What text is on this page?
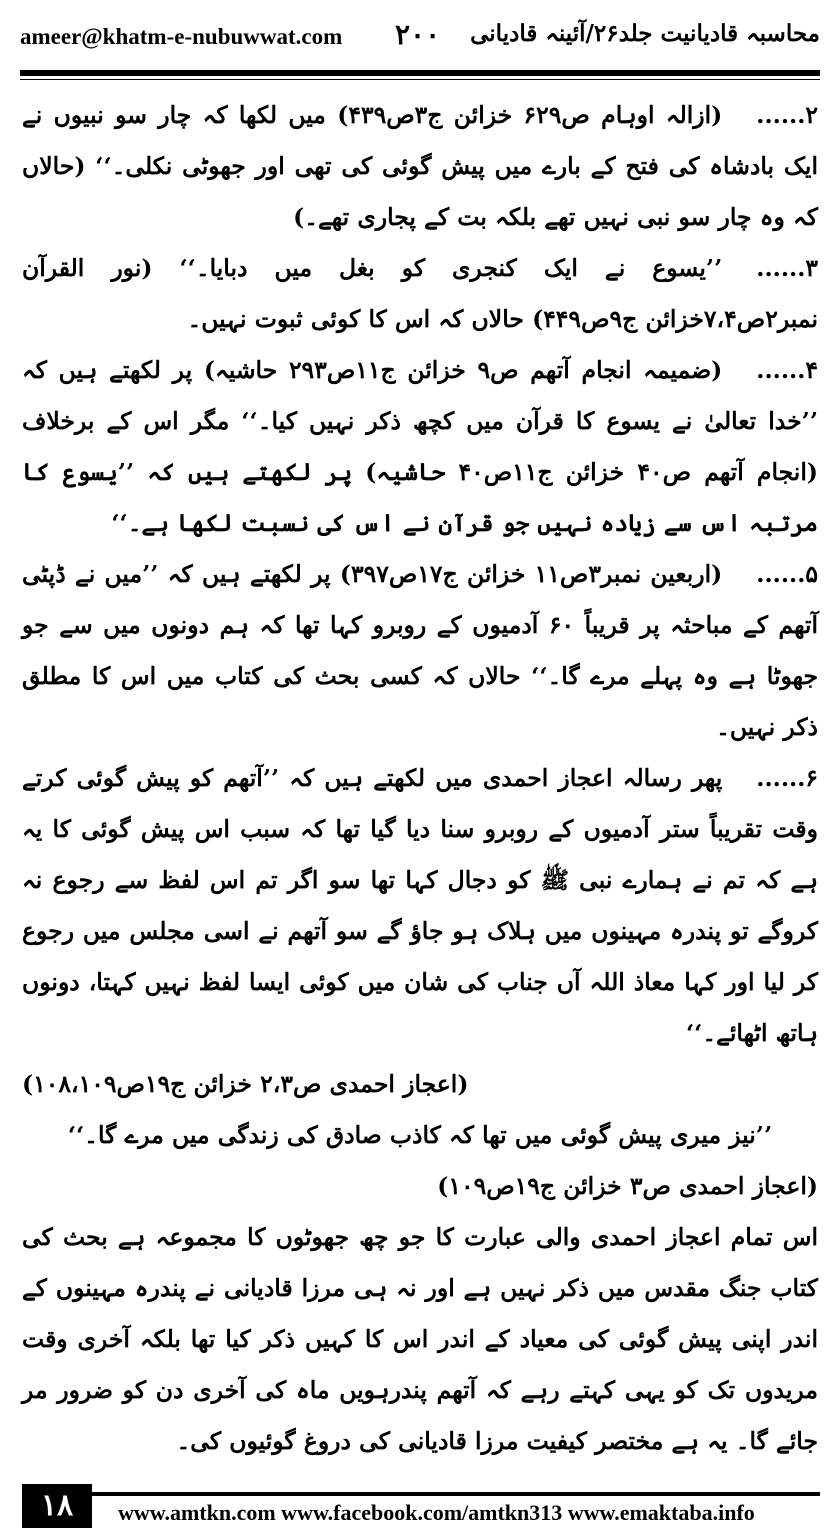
ameer@khatm-e-nubuwwat.com ۲۰۰ محاسبہ قادیانیت جلد۲۶/آئینہ قادیانی

۲......(ازالہ اوہام ص۶۲۹ خزائن ج۳ص۴۳۹) میں لکھا کہ چار سو نبیوں نے ایک بادشاہ کی فتح کے بارے میں پیش گوئی کی تھی اور جھوٹی نکلی۔‘‘ (حالاں کہ وہ چار سو نبی نہیں تھے بلکہ بت کے پجاری تھے۔)

۳......’’یسوع نے ایک کنجری کو بغل میں دبایا۔‘‘ (نور القرآن نمبر۲ص۷،۴خزائن ج۹ص۴۴۹) حالاں کہ اس کا کوئی ثبوت نہیں۔

۴......(ضمیمہ انجام آتھم ص۹ خزائن ج۱۱ص۲۹۳ حاشیہ) پر لکھتے ہیں کہ ’’خدا تعالیٰ نے یسوع کا قرآن میں کچھ ذکر نہیں کیا۔‘‘ مگر اس کے برخلاف (انجام آتھم ص۴۰ خزائن ج۱۱ص۴۰ حاشیہ) پر لکھتے ہیں کہ ’’یسوع کا مرتبہ اس سے زیادہ نہیں جو قرآن نے اس کی نسبت لکھا ہے۔‘‘

۵......(اربعین نمبر۳ص۱۱ خزائن ج۱۷ص۳۹۷) پر لکھتے ہیں کہ ’’میں نے ڈپٹی آتھم کے مباحثہ پر قریباً ۶۰ آدمیوں کے روبرو کہا تھا کہ ہم دونوں میں سے جو جھوٹا ہے وہ پہلے مرے گا۔‘‘ حالاں کہ کسی بحث کی کتاب میں اس کا مطلق ذکر نہیں۔

۶......پھر رسالہ اعجاز احمدی میں لکھتے ہیں کہ ’’آتھم کو پیش گوئی کرتے وقت تقریباً ستر آدمیوں کے روبرو سنا دیا گیا تھا کہ سبب اس پیش گوئی کا یہ ہے کہ تم نے ہمارے نبی ﷺ کو دجال کہا تھا سو اگر تم اس لفظ سے رجوع نہ کروگے تو پندرہ مہینوں میں ہلاک ہو جاؤ گے سو آتھم نے اسی مجلس میں رجوع کر لیا اور کہا معاذ اللہ آں جناب کی شان میں کوئی ایسا لفظ نہیں کہتا، دونوں ہاتھ اٹھائے۔‘‘

(اعجاز احمدی ص۲،۳ خزائن ج۱۹ص۱۰۸،۱۰۹)

’’نیز میری پیش گوئی میں تھا کہ کاذب صادق کی زندگی میں مرے گا۔‘‘

(اعجاز احمدی ص۳ خزائن ج۱۹ص۱۰۹)

اس تمام اعجاز احمدی والی عبارت کا جو چھ جھوٹوں کا مجموعہ ہے بحث کی کتاب جنگ مقدس میں ذکر نہیں ہے اور نہ ہی مرزا قادیانی نے پندرہ مہینوں کے اندر اپنی پیش گوئی کی معیاد کے اندر اس کا کہیں ذکر کیا تھا بلکہ آخری وقت مریدوں تک کو یہی کہتے رہے کہ آتھم پندرہویں ماہ کی آخری دن کو ضرور مر جائے گا۔ یہ ہے مختصر کیفیت مرزا قادیانی کی دروغ گوئیوں کی۔

۱۸	www.amtkn.com www.facebook.com/amtkn313 www.emaktaba.info
